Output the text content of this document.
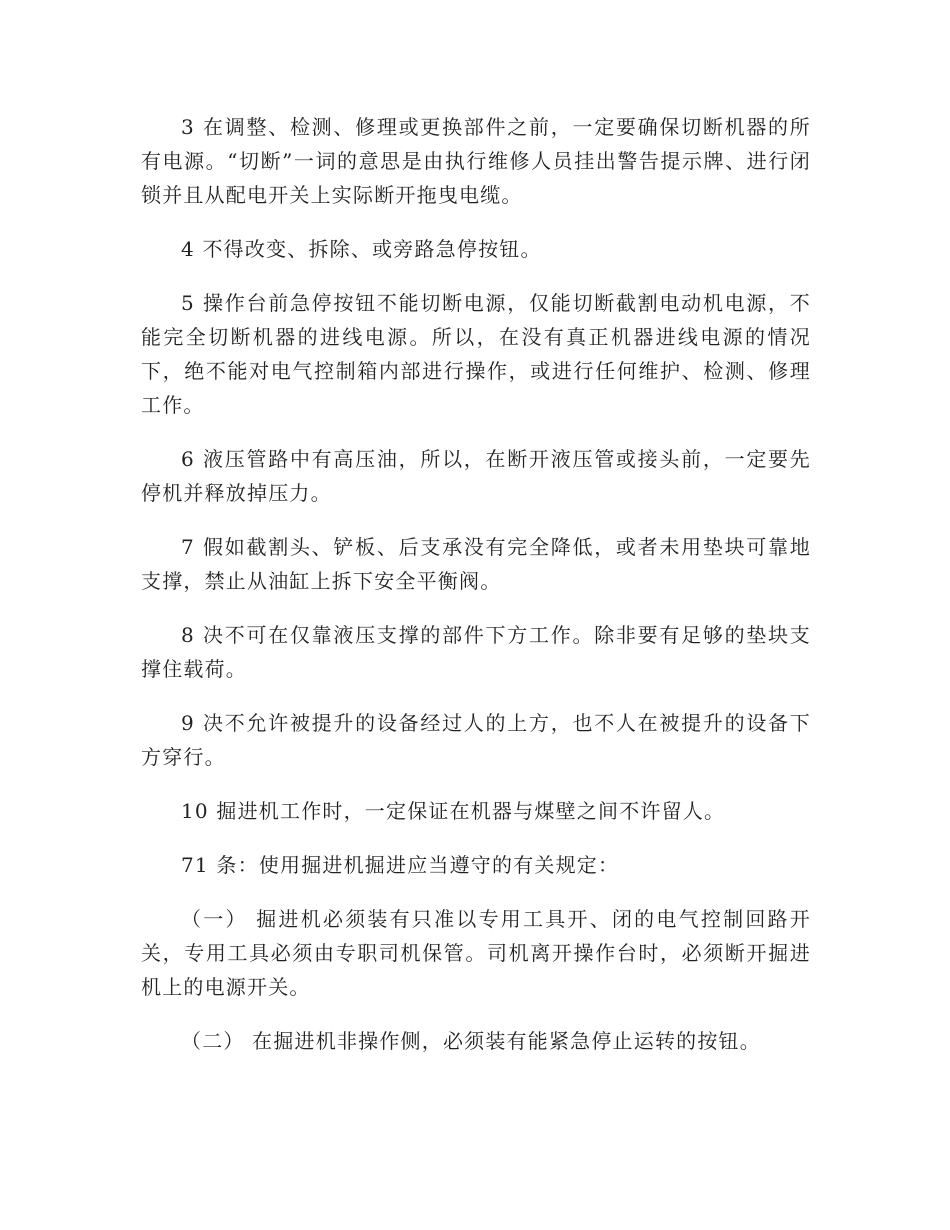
3 在调整、检测、修理或更换部件之前，一定要确保切断机器的所有电源。“切断”一词的意思是由执行维修人员挂出警告提示牌、进行闭锁并且从配电开关上实际断开拖曳电缆。

4 不得改变、拆除、或旁路急停按钮。

5 操作台前急停按钮不能切断电源，仅能切断截割电动机电源，不能完全切断机器的进线电源。所以，在没有真正机器进线电源的情况下，绝不能对电气控制箱内部进行操作，或进行任何维护、检测、修理工作。

6 液压管路中有高压油，所以，在断开液压管或接头前，一定要先停机并释放掉压力。

7 假如截割头、铲板、后支承没有完全降低，或者未用垫块可靠地支撑，禁止从油缸上拆下安全平衡阀。

8 决不可在仅靠液压支撑的部件下方工作。除非要有足够的垫块支撑住载荷。

9 决不允许被提升的设备经过人的上方，也不人在被提升的设备下方穿行。

10 掘进机工作时，一定保证在机器与煤壁之间不许留人。

71 条：使用掘进机掘进应当遵守的有关规定：

（一） 掘进机必须装有只准以专用工具开、闭的电气控制回路开关，专用工具必须由专职司机保管。司机离开操作台时，必须断开掘进机上的电源开关。

（二） 在掘进机非操作侧，必须装有能紧急停止运转的按钮。
